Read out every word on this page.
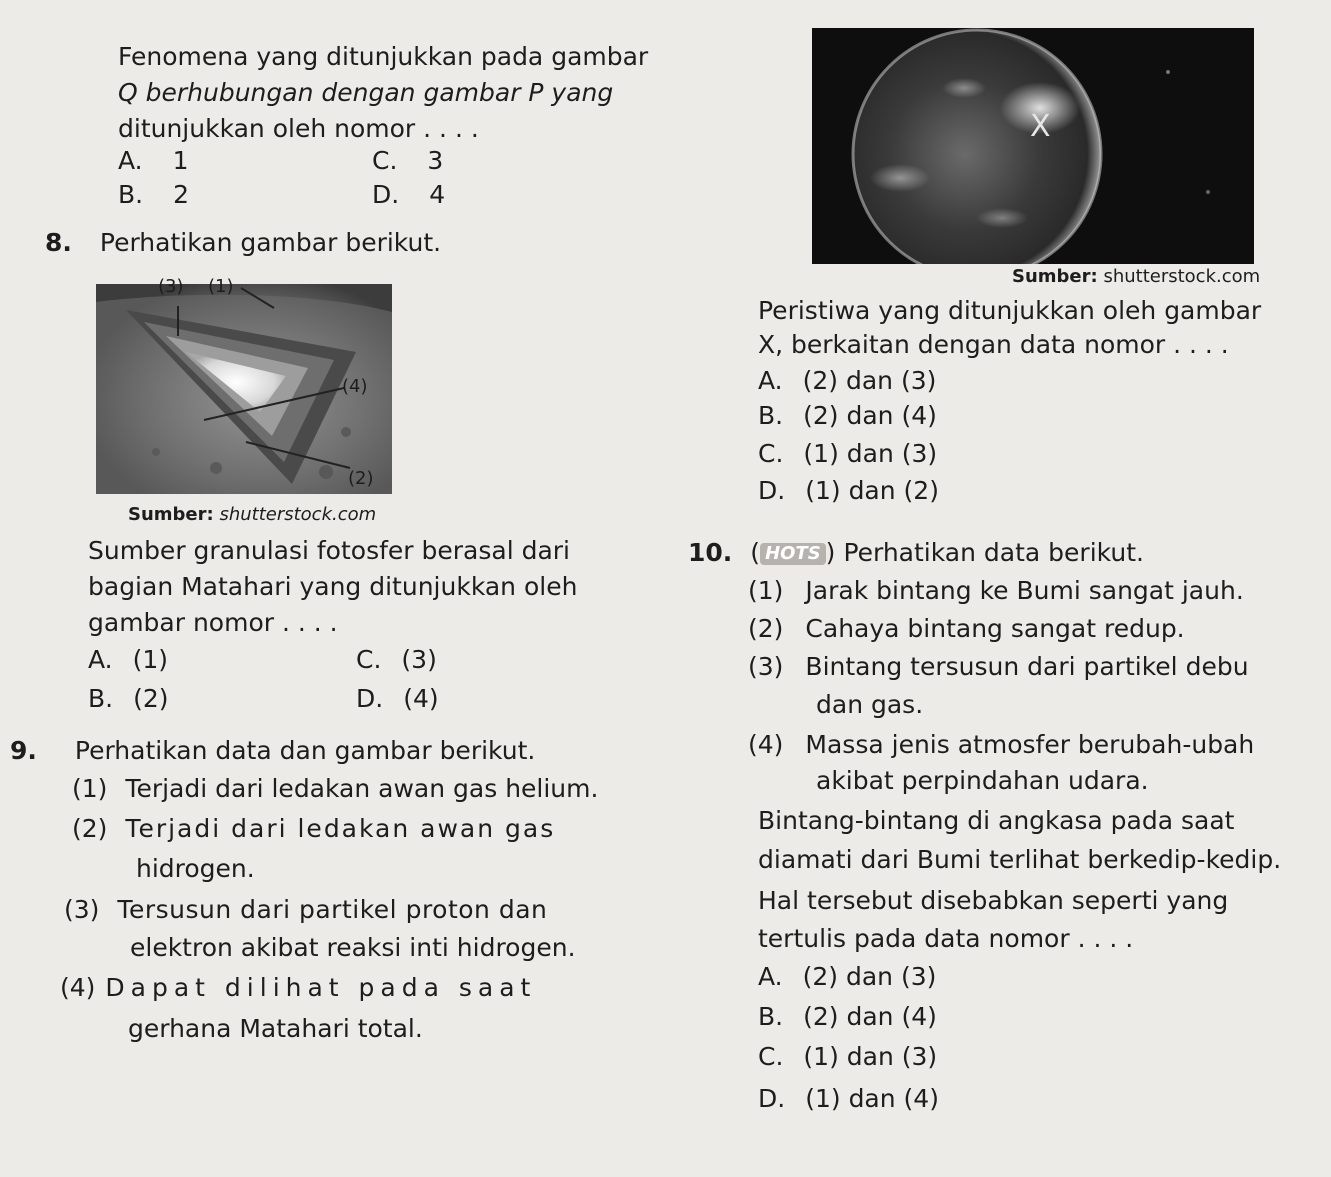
Fenomena yang ditunjukkan pada gambar
Q berhubungan dengan gambar P yang
ditunjukkan oleh nomor . . . .
A. 1	C. 3
B. 2	D. 4
8. Perhatikan gambar berikut.
(3) (1)
(4)
(2)
Sumber: shutterstock.com
Sumber granulasi fotosfer berasal dari
bagian Matahari yang ditunjukkan oleh
gambar nomor . . . .
A. (1)	C. (3)
B. (2)	D. (4)
9. Perhatikan data dan gambar berikut.
(1) Terjadi dari ledakan awan gas helium.
(2) Terjadi dari ledakan awan gas
hidrogen.
(3) Tersusun dari partikel proton dan
elektron akibat reaksi inti hidrogen.
(4) Dapat dilihat pada saat
gerhana Matahari total.
X
Sumber: shutterstock.com
Peristiwa yang ditunjukkan oleh gambar
X, berkaitan dengan data nomor . . . .
A. (2) dan (3)
B. (2) dan (4)
C. (1) dan (3)
D. (1) dan (2)
10. ( HOTS ) Perhatikan data berikut.
(1) Jarak bintang ke Bumi sangat jauh.
(2) Cahaya bintang sangat redup.
(3) Bintang tersusun dari partikel debu
dan gas.
(4) Massa jenis atmosfer berubah-ubah
akibat perpindahan udara.
Bintang-bintang di angkasa pada saat
diamati dari Bumi terlihat berkedip-kedip.
Hal tersebut disebabkan seperti yang
tertulis pada data nomor . . . .
A. (2) dan (3)
B. (2) dan (4)
C. (1) dan (3)
D. (1) dan (4)
